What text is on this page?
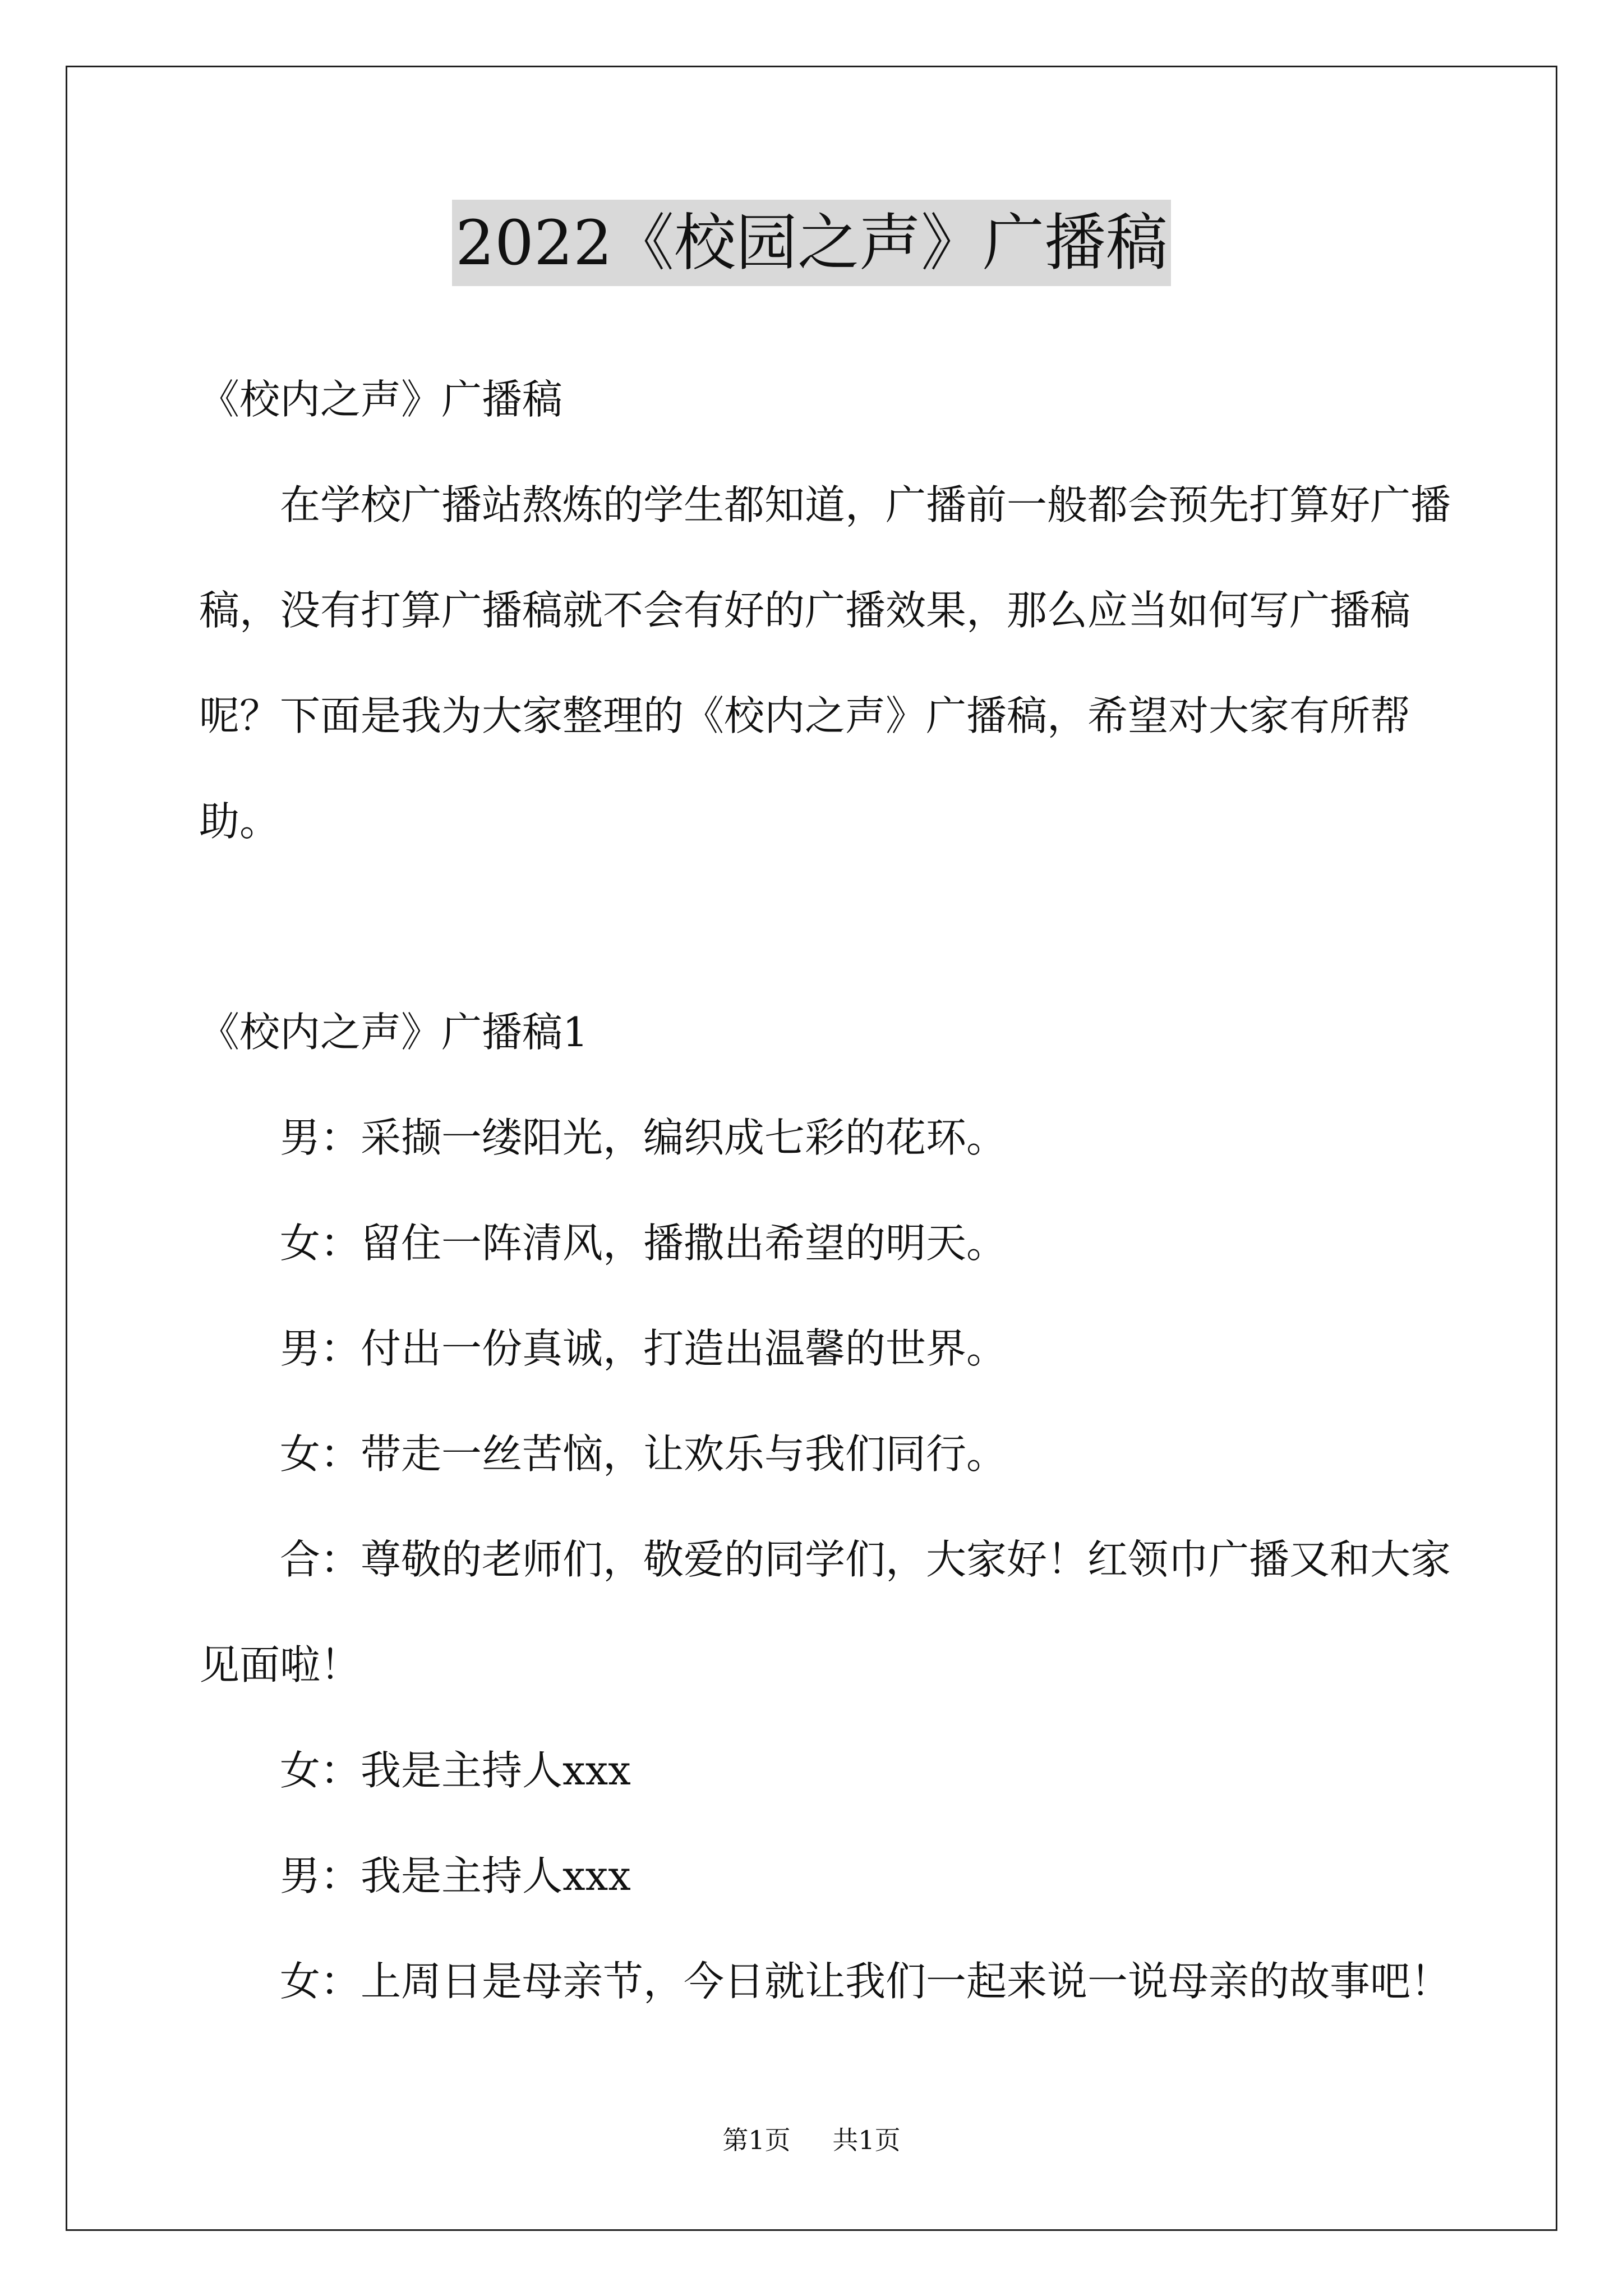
2022《校园之声》广播稿

《校内之声》广播稿

在学校广播站熬炼的学生都知道，广播前一般都会预先打算好广播稿，没有打算广播稿就不会有好的广播效果，那么应当如何写广播稿呢？下面是我为大家整理的《校内之声》广播稿，希望对大家有所帮助。

《校内之声》广播稿1

男：采撷一缕阳光，编织成七彩的花环。

女：留住一阵清风，播撒出希望的明天。

男：付出一份真诚，打造出温馨的世界。

女：带走一丝苦恼，让欢乐与我们同行。

合：尊敬的老师们，敬爱的同学们，大家好！红领巾广播又和大家见面啦！

女：我是主持人xxx

男：我是主持人xxx

女：上周日是母亲节，今日就让我们一起来说一说母亲的故事吧！

第1页 共1页
